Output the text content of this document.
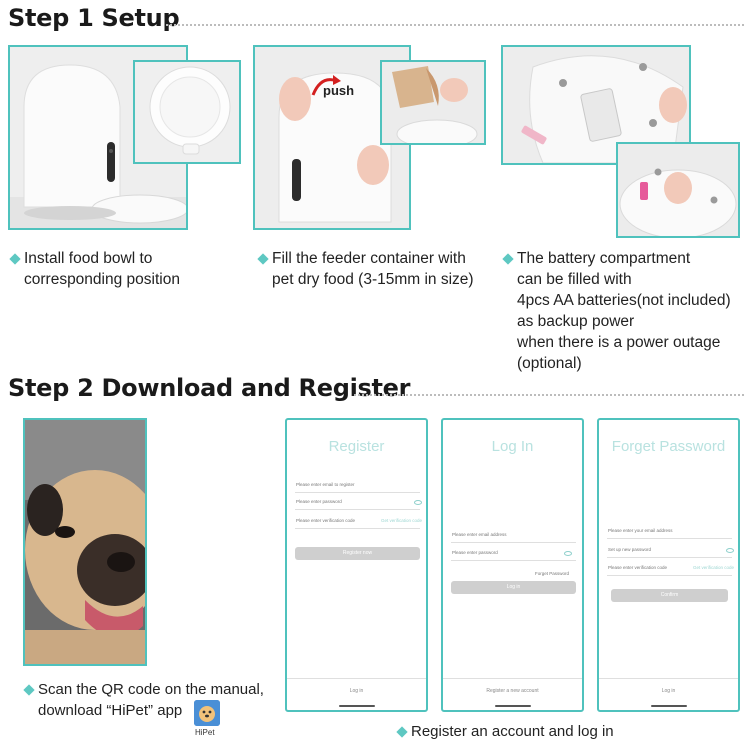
Step 1 Setup
push
Install food bowl to
corresponding position
Fill the feeder container with
pet dry food (3-15mm in size)
The battery compartment
can be filled with
4pcs AA batteries(not included)
as backup power
when there is a power outage
(optional)
Step 2 Download and Register
Scan the QR code on the manual,
download “HiPet” app
HiPet
Register
Please enter email to register
Please enter password
Please enter verification code	Get verification code
Register now
Log in
Log In
Please enter email address
Please enter password
Forget Password
Log in
Register a new account
Forget Password
Please enter your email address
Set up new password
Please enter verification code	Get verification code
Confirm
Log in
Register an account and log in
